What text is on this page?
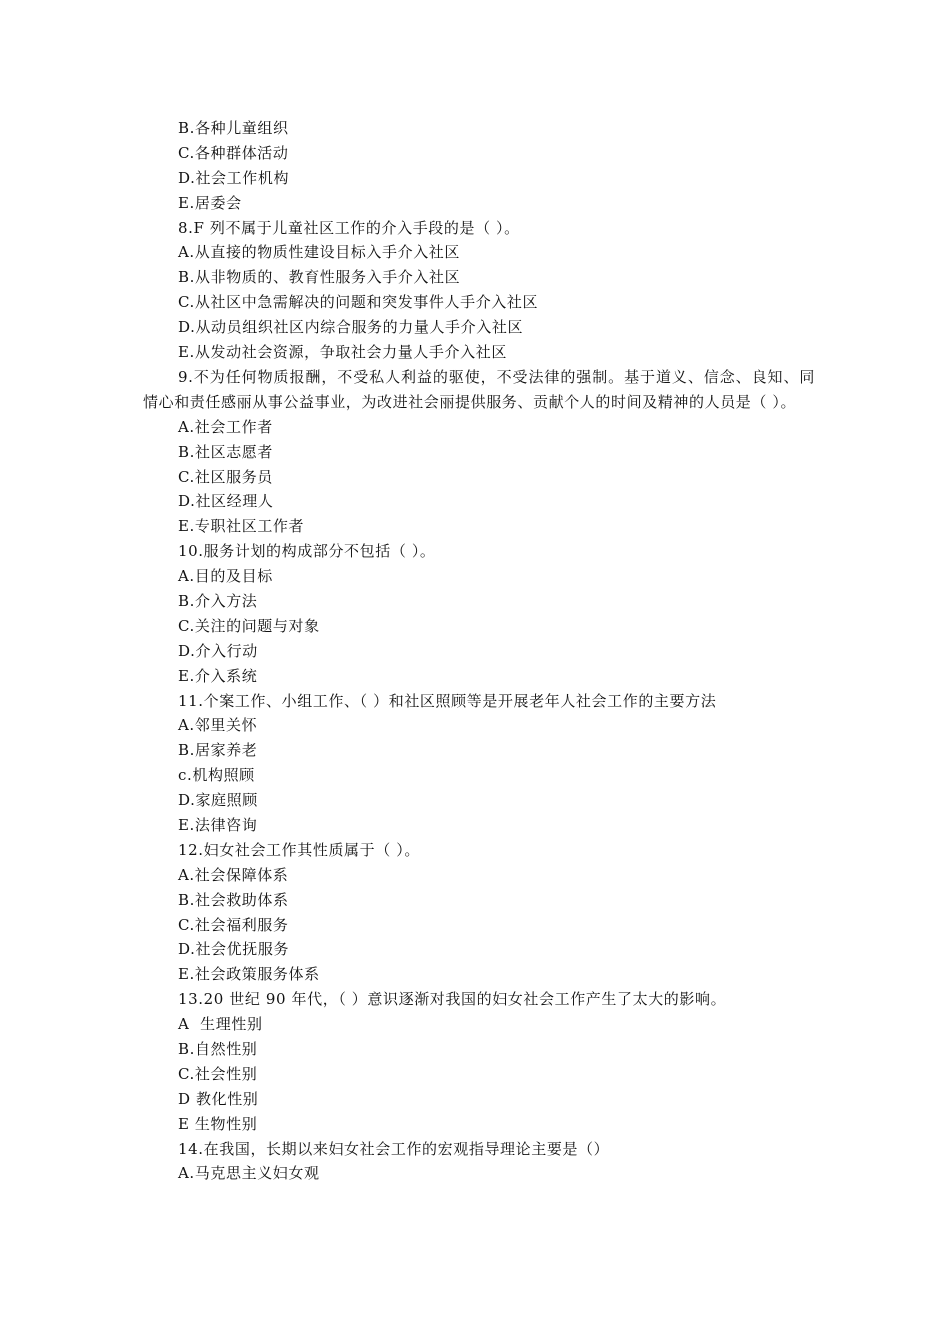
B.各种儿童组织
C.各种群体活动
D.社会工作机构
E.居委会
8.F 列不属于儿童社区工作的介入手段的是（ ）。
A.从直接的物质性建设目标入手介入社区
B.从非物质的、教育性服务入手介入社区
C.从社区中急需解决的问题和突发事件人手介入社区
D.从动员组织社区内综合服务的力量人手介入社区
E.从发动社会资源，争取社会力量人手介入社区
9.不为任何物质报酬，不受私人利益的驱使，不受法律的强制。基于道义、信念、良知、同情心和责任感丽从事公益事业，为改进社会丽提供服务、贡献个人的时间及精神的人员是（ ）。
A.社会工作者
B.社区志愿者
C.社区服务员
D.社区经理人
E.专职社区工作者
10.服务计划的构成部分不包括（ ）。
A.目的及目标
B.介入方法
C.关注的问题与对象
D.介入行动
E.介入系统
11.个案工作、小组工作、（ ）和社区照顾等是开展老年人社会工作的主要方法
A.邻里关怀
B.居家养老
c.机构照顾
D.家庭照顾
E.法律咨询
12.妇女社会工作其性质属于（ ）。
A.社会保障体系
B.社会救助体系
C.社会福利服务
D.社会优抚服务
E.社会政策服务体系
13.20 世纪 90 年代，（ ）意识逐渐对我国的妇女社会工作产生了太大的影响。
A  生理性别
B.自然性别
C.社会性别
D 教化性别
E 生物性别
14.在我国，长期以来妇女社会工作的宏观指导理论主要是（）
A.马克思主义妇女观
